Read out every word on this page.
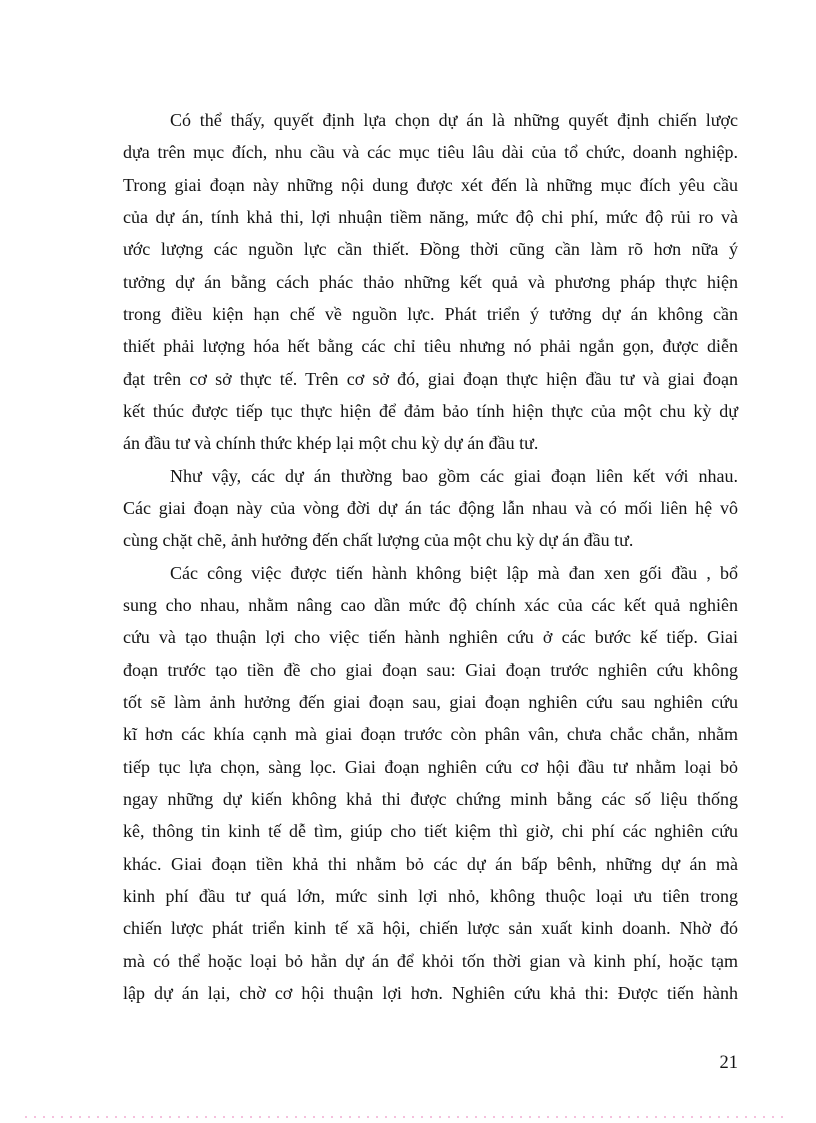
Có thể thấy, quyết định lựa chọn dự án là những quyết định chiến lược
dựa trên mục đích, nhu cầu và các mục tiêu lâu dài của tổ chức, doanh nghiệp.
Trong giai đoạn này những nội dung được xét đến là những mục đích yêu cầu
của dự án, tính khả thi, lợi nhuận tiềm năng, mức độ chi phí, mức độ rủi ro và
ước lượng các nguồn lực cần thiết. Đồng thời cũng cần làm rõ hơn nữa ý
tưởng dự án bằng cách phác thảo những kết quả và phương pháp thực hiện
trong điều kiện hạn chế về nguồn lực. Phát triển ý tưởng dự án không cần
thiết phải lượng hóa hết bằng các chỉ tiêu nhưng nó phải ngắn gọn, được diễn
đạt trên cơ sở thực tế. Trên cơ sở đó, giai đoạn thực hiện đầu tư và giai đoạn
kết thúc được tiếp tục thực hiện để đảm bảo tính hiện thực của một chu kỳ dự
án đầu tư và chính thức khép lại một chu kỳ dự án đầu tư.
Như vậy, các dự án thường bao gồm các giai đoạn liên kết với nhau.
Các giai đoạn này của vòng đời dự án tác động lẫn nhau và có mối liên hệ vô
cùng chặt chẽ, ảnh hưởng đến chất lượng của một chu kỳ dự án đầu tư.
Các công việc được tiến hành không biệt lập mà đan xen gối đầu , bổ
sung cho nhau, nhằm nâng cao dần mức độ chính xác của các kết quả nghiên
cứu và tạo thuận lợi cho việc tiến hành nghiên cứu ở các bước kế tiếp. Giai
đoạn trước tạo tiền đề cho giai đoạn sau: Giai đoạn trước nghiên cứu không
tốt sẽ làm ảnh hưởng đến giai đoạn sau, giai đoạn nghiên cứu sau nghiên cứu
kĩ hơn các khía cạnh mà giai đoạn trước còn phân vân, chưa chắc chắn, nhằm
tiếp tục lựa chọn, sàng lọc. Giai đoạn nghiên cứu cơ hội đầu tư nhằm loại bỏ
ngay những dự kiến không khả thi được chứng minh bằng các số liệu thống
kê, thông tin kinh tế dễ tìm, giúp cho tiết kiệm thì giờ, chi phí các nghiên cứu
khác. Giai đoạn tiền khả thi nhằm bỏ các dự án bấp bênh, những dự án mà
kinh phí đầu tư quá lớn, mức sinh lợi nhỏ, không thuộc loại ưu tiên trong
chiến lược phát triển kinh tế xã hội, chiến lược sản xuất kinh doanh. Nhờ đó
mà có thể hoặc loại bỏ hẳn dự án để khỏi tốn thời gian và kinh phí, hoặc tạm
lập dự án lại, chờ cơ hội thuận lợi hơn. Nghiên cứu khả thi: Được tiến hành
21
